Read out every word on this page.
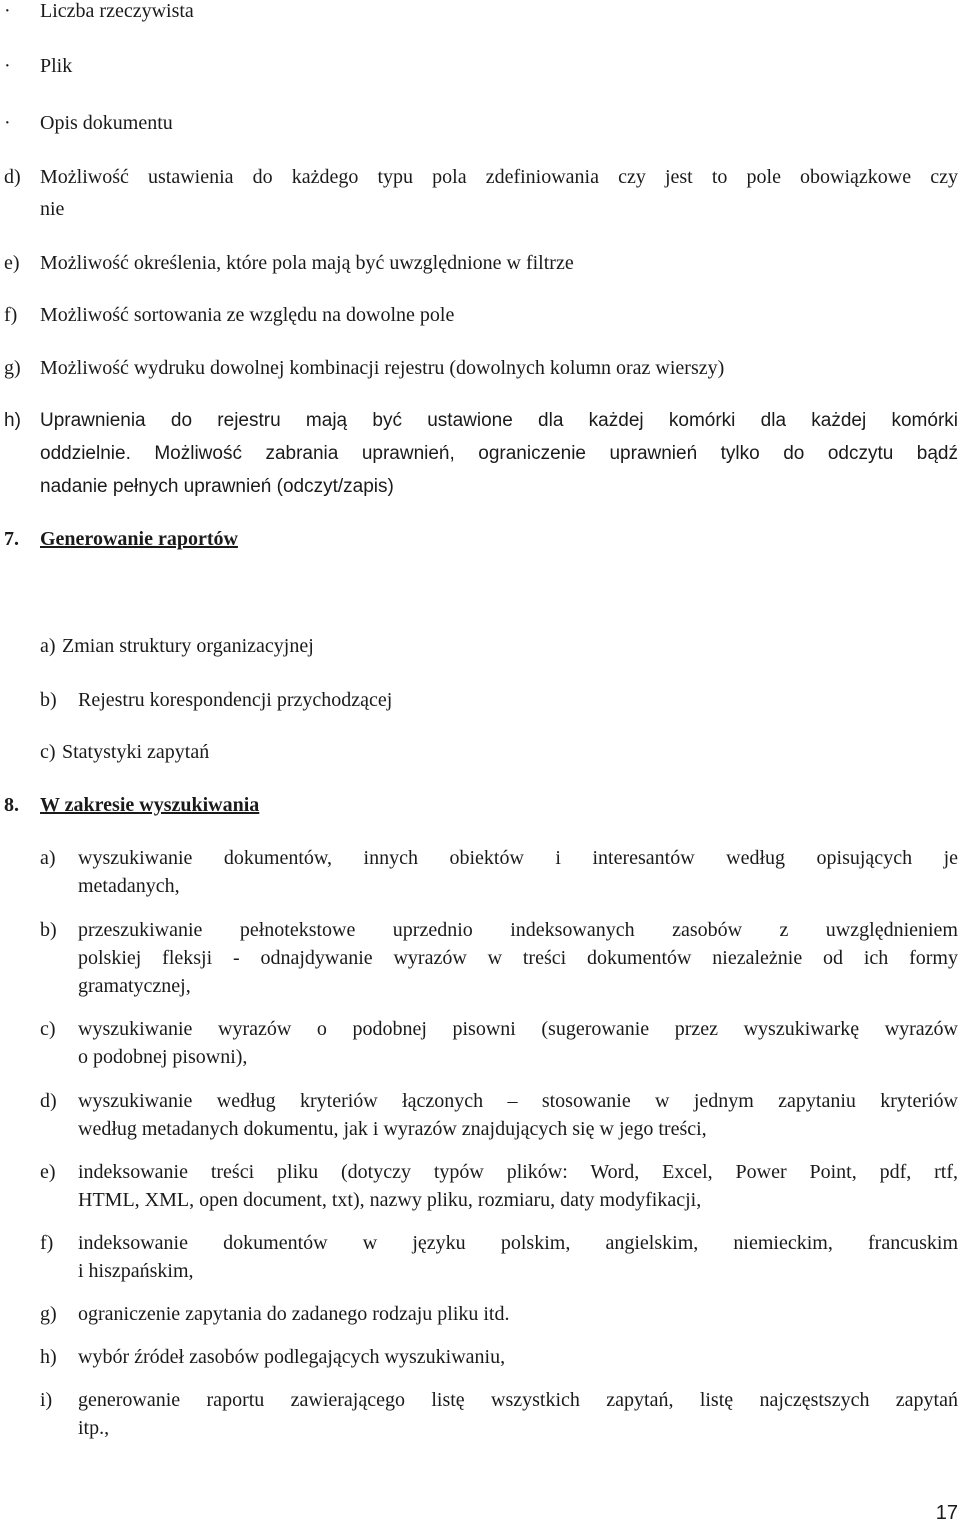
· Liczba rzeczywista
· Plik
· Opis dokumentu
d) Możliwość ustawienia do każdego typu pola zdefiniowania czy jest to pole obowiązkowe czy
nie
e) Możliwość określenia, które pola mają być uwzględnione w filtrze
f) Możliwość sortowania ze względu na dowolne pole
g) Możliwość wydruku dowolnej kombinacji rejestru (dowolnych kolumn oraz wierszy)
h) Uprawnienia do rejestru mają być ustawione dla każdej komórki dla każdej komórki
oddzielnie. Możliwość zabrania uprawnień, ograniczenie uprawnień tylko do odczytu bądź
nadanie pełnych uprawnień (odczyt/zapis)
7. Generowanie raportów
a) Zmian struktury organizacyjnej
b) Rejestru korespondencji przychodzącej
c) Statystyki zapytań
8. W zakresie wyszukiwania
a) wyszukiwanie dokumentów, innych obiektów i interesantów według opisujących je
metadanych,
b) przeszukiwanie pełnotekstowe uprzednio indeksowanych zasobów z uwzględnieniem
polskiej fleksji - odnajdywanie wyrazów w treści dokumentów niezależnie od ich formy
gramatycznej,
c) wyszukiwanie wyrazów o podobnej pisowni (sugerowanie przez wyszukiwarkę wyrazów
o podobnej pisowni),
d) wyszukiwanie według kryteriów łączonych – stosowanie w jednym zapytaniu kryteriów
według metadanych dokumentu, jak i wyrazów znajdujących się w jego treści,
e) indeksowanie treści pliku (dotyczy typów plików: Word, Excel, Power Point, pdf, rtf,
HTML, XML, open document, txt), nazwy pliku, rozmiaru, daty modyfikacji,
f) indeksowanie dokumentów w języku polskim, angielskim, niemieckim, francuskim
i hiszpańskim,
g) ograniczenie zapytania do zadanego rodzaju pliku itd.
h) wybór źródeł zasobów podlegających wyszukiwaniu,
i) generowanie raportu zawierającego listę wszystkich zapytań, listę najczęstszych zapytań
itp.,
17
